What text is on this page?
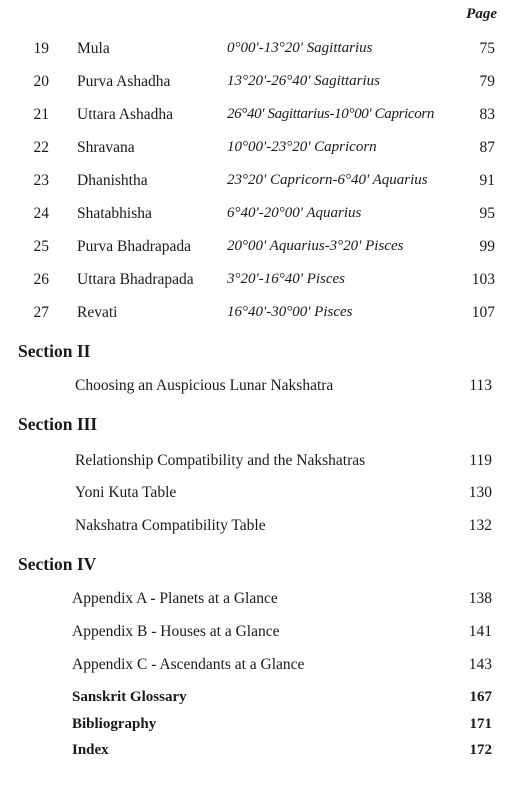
Page
19 Mula	0°00'-13°20' Sagittarius	75
20 Purva Ashadha	13°20'-26°40' Sagittarius	79
21 Uttara Ashadha	26°40' Sagittarius-10°00' Capricorn	83
22 Shravana	10°00'-23°20' Capricorn	87
23 Dhanishtha	23°20' Capricorn-6°40' Aquarius	91
24 Shatabhisha	6°40'-20°00' Aquarius	95
25 Purva Bhadrapada 20°00' Aquarius-3°20' Pisces	99
26 Uttara Bhadrapada 3°20'-16°40' Pisces	103
27 Revati	16°40'-30°00' Pisces	107
Section II
Choosing an Auspicious Lunar Nakshatra	113
Section III
Relationship Compatibility and the Nakshatras	119
Yoni Kuta Table	130
Nakshatra Compatibility Table	132
Section IV
Appendix A - Planets at a Glance	138
Appendix B - Houses at a Glance	141
Appendix C - Ascendants at a Glance	143
Sanskrit Glossary	167
Bibliography	171
Index	172
